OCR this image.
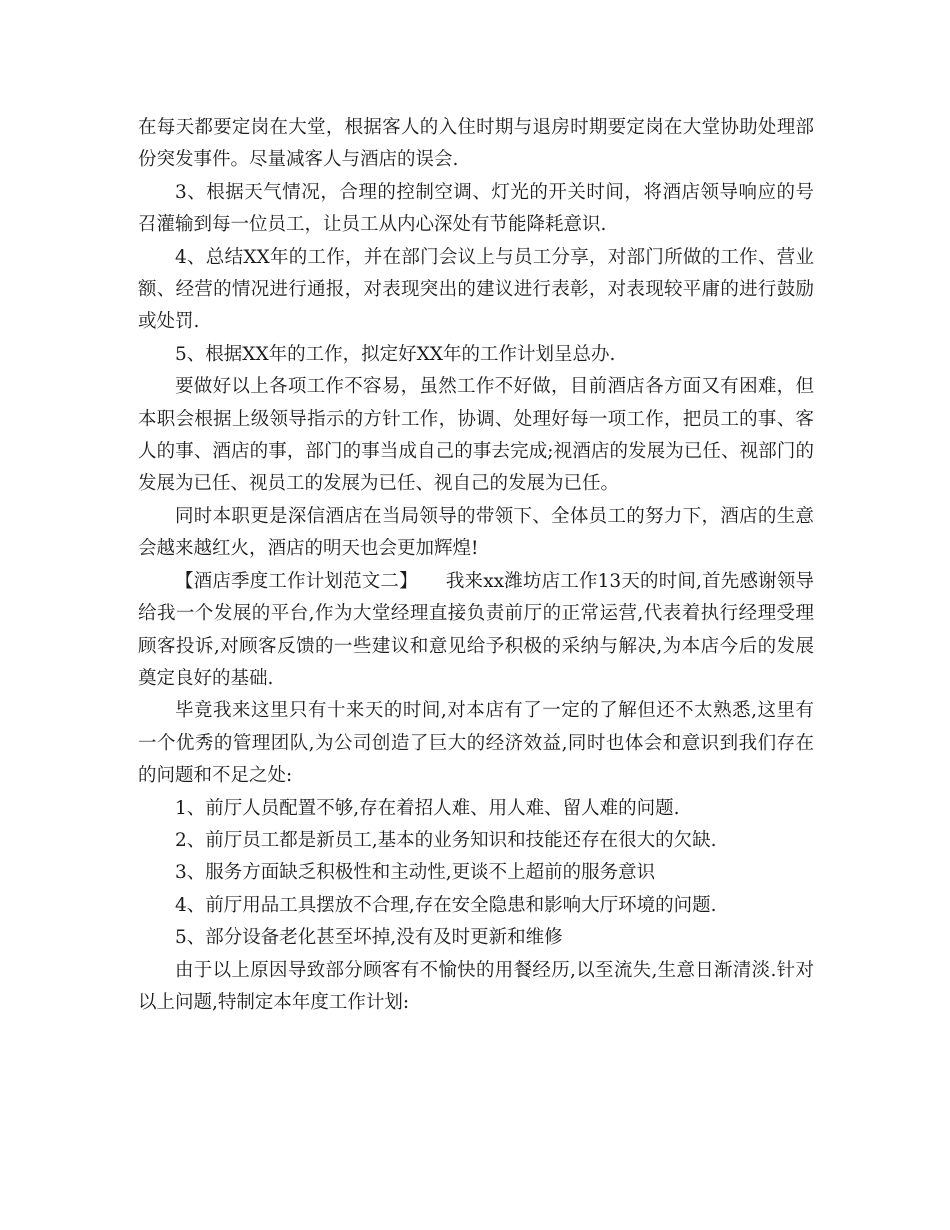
在每天都要定岗在大堂，根据客人的入住时期与退房时期要定岗在大堂协助处理部份突发事件。尽量减客人与酒店的误会.

3、根据天气情况，合理的控制空调、灯光的开关时间，将酒店领导响应的号召灌输到每一位员工，让员工从内心深处有节能降耗意识.

4、总结XX年的工作，并在部门会议上与员工分享，对部门所做的工作、营业额、经营的情况进行通报，对表现突出的建议进行表彰，对表现较平庸的进行鼓励或处罚.

5、根据XX年的工作，拟定好XX年的工作计划呈总办.

要做好以上各项工作不容易，虽然工作不好做，目前酒店各方面又有困难，但本职会根据上级领导指示的方针工作，协调、处理好每一项工作，把员工的事、客人的事、酒店的事，部门的事当成自己的事去完成;视酒店的发展为已任、视部门的发展为已任、视员工的发展为已任、视自己的发展为已任。

同时本职更是深信酒店在当局领导的带领下、全体员工的努力下，酒店的生意会越来越红火，酒店的明天也会更加辉煌!

【酒店季度工作计划范文二】　　我来xx潍坊店工作13天的时间,首先感谢领导给我一个发展的平台,作为大堂经理直接负责前厅的正常运营,代表着执行经理受理顾客投诉,对顾客反馈的一些建议和意见给予积极的采纳与解决,为本店今后的发展奠定良好的基础.

毕竟我来这里只有十来天的时间,对本店有了一定的了解但还不太熟悉,这里有一个优秀的管理团队,为公司创造了巨大的经济效益,同时也体会和意识到我们存在的问题和不足之处:

1、前厅人员配置不够,存在着招人难、用人难、留人难的问题.

2、前厅员工都是新员工,基本的业务知识和技能还存在很大的欠缺.

3、服务方面缺乏积极性和主动性,更谈不上超前的服务意识

4、前厅用品工具摆放不合理,存在安全隐患和影响大厅环境的问题.

5、部分设备老化甚至坏掉,没有及时更新和维修

由于以上原因导致部分顾客有不愉快的用餐经历,以至流失,生意日渐清淡.针对以上问题,特制定本年度工作计划:
